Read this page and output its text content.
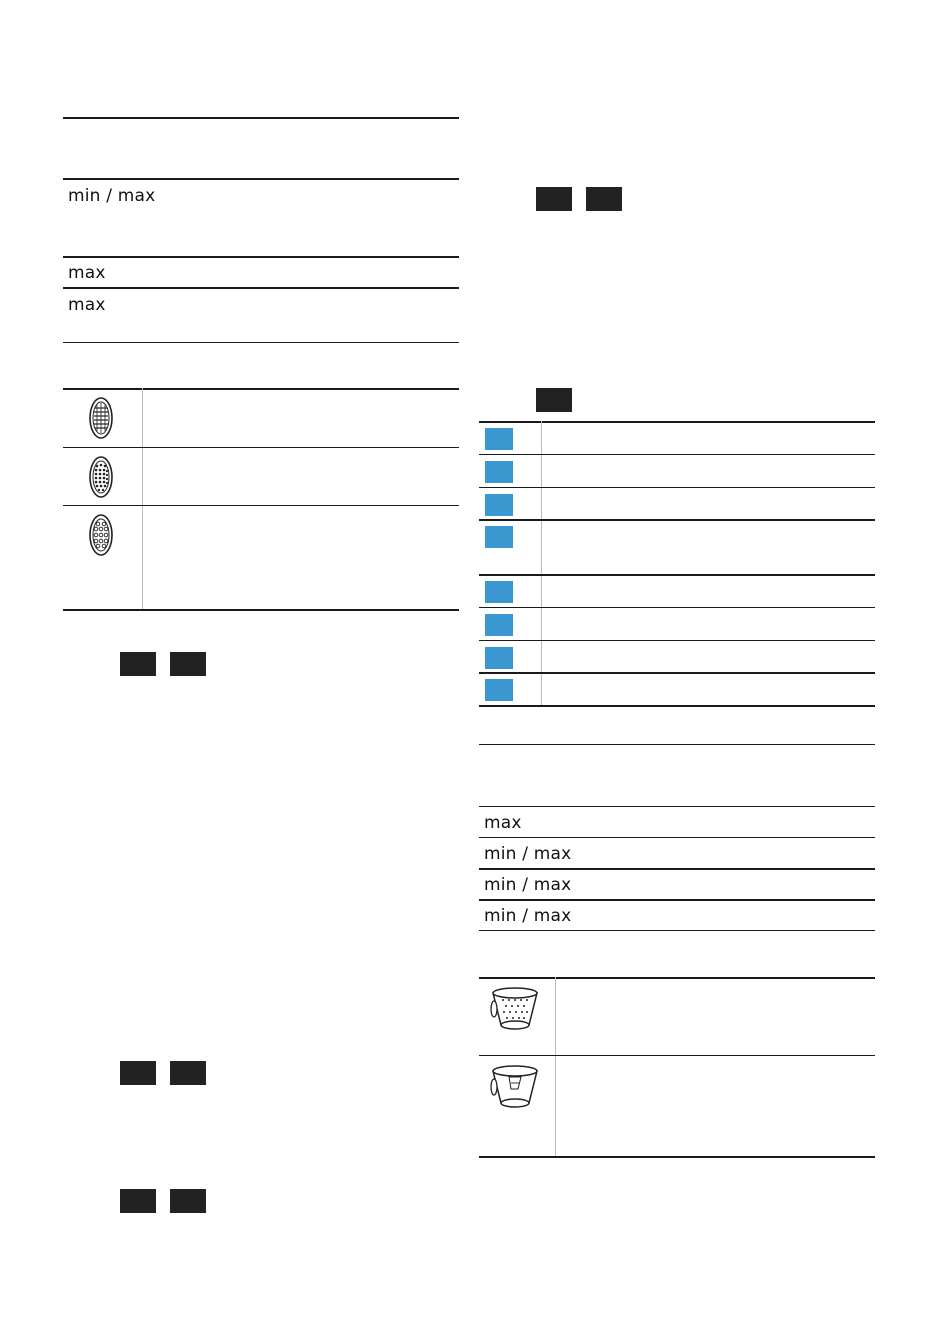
min / max
max
max
max
min / max
min / max
min / max
